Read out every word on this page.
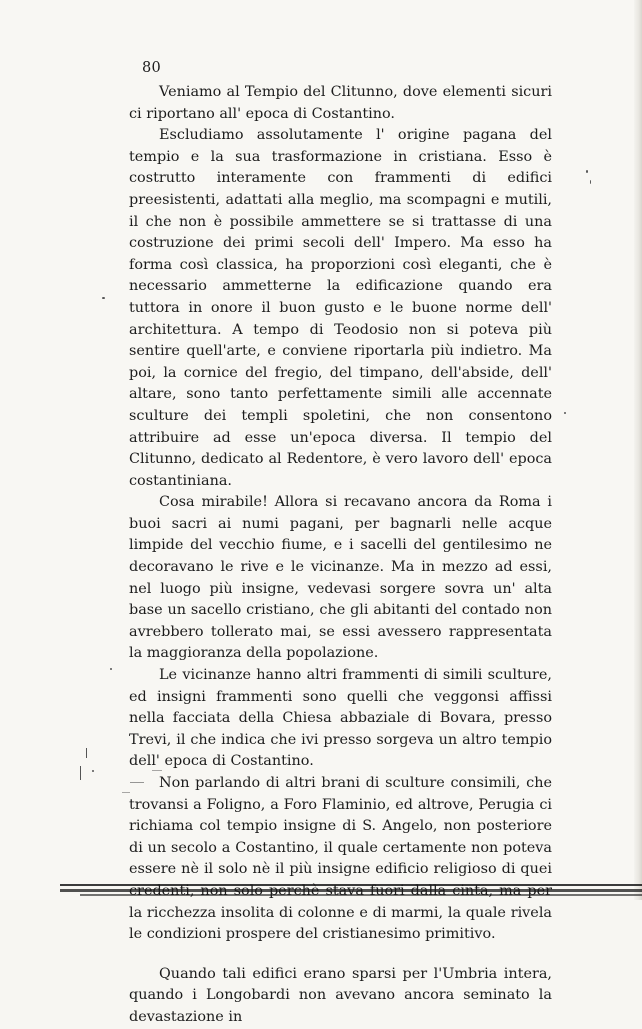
80

Veniamo al Tempio del Clitunno, dove elementi sicuri ci riportano all' epoca di Costantino.

Escludiamo assolutamente l' origine pagana del tempio e la sua trasformazione in cristiana. Esso è costrutto interamente con frammenti di edifici preesistenti, adattati alla meglio, ma scompagni e mutili, il che non è possibile ammettere se si trattasse di una costruzione dei primi secoli dell' Impero. Ma esso ha forma così classica, ha proporzioni così eleganti, che è necessario ammetterne la edificazione quando era tuttora in onore il buon gusto e le buone norme dell' architettura. A tempo di Teodosio non si poteva più sentire quell'arte, e conviene riportarla più indietro. Ma poi, la cornice del fregio, del timpano, dell'abside, dell' altare, sono tanto perfettamente simili alle accennate sculture dei templi spoletini, che non consentono attribuire ad esse un'epoca diversa. Il tempio del Clitunno, dedicato al Redentore, è vero lavoro dell' epoca costantiniana.

Cosa mirabile! Allora si recavano ancora da Roma i buoi sacri ai numi pagani, per bagnarli nelle acque limpide del vecchio fiume, e i sacelli del gentilesimo ne decoravano le rive e le vicinanze. Ma in mezzo ad essi, nel luogo più insigne, vedevasi sorgere sovra un' alta base un sacello cristiano, che gli abitanti del contado non avrebbero tollerato mai, se essi avessero rappresentata la maggioranza della popolazione.

Le vicinanze hanno altri frammenti di simili sculture, ed insigni frammenti sono quelli che veggonsi affissi nella facciata della Chiesa abbaziale di Bovara, presso Trevi, il che indica che ivi presso sorgeva un altro tempio dell' epoca di Costantino.

Non parlando di altri brani di sculture consimili, che trovansi a Foligno, a Foro Flaminio, ed altrove, Perugia ci richiama col tempio insigne di S. Angelo, non posteriore di un secolo a Costantino, il quale certamente non poteva essere nè il solo nè il più insigne edificio religioso di quei la ricchezza insolita di colonne e di marmi, la quale rivela le condizioni prospere del cristianesimo primitivo.

Quando tali edifici erano sparsi per l'Umbria intera, quando i Longobardi non avevano ancora seminato la devastazione in
